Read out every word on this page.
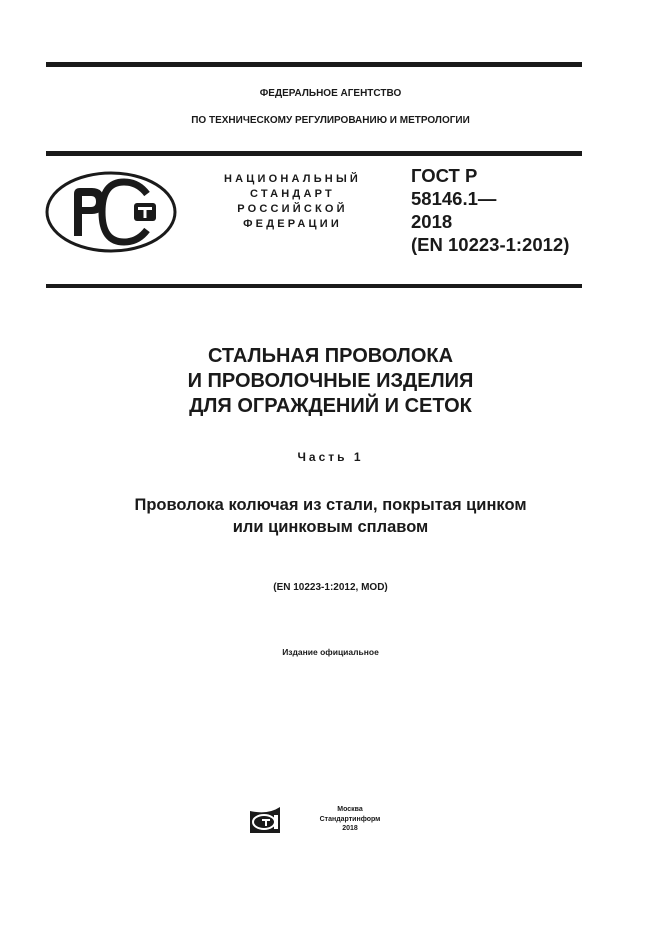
ФЕДЕРАЛЬНОЕ АГЕНТСТВО
ПО ТЕХНИЧЕСКОМУ РЕГУЛИРОВАНИЮ И МЕТРОЛОГИИ
НАЦИОНАЛЬНЫЙ
СТАНДАРТ
РОССИЙСКОЙ
ФЕДЕРАЦИИ
ГОСТ Р
58146.1—
2018
(EN 10223-1:2012)
СТАЛЬНАЯ ПРОВОЛОКА
И ПРОВОЛОЧНЫЕ ИЗДЕЛИЯ
ДЛЯ ОГРАЖДЕНИЙ И СЕТОК
Часть 1
Проволока колючая из стали, покрытая цинком
или цинковым сплавом
(EN 10223-1:2012, MOD)
Издание официальное
Москва
Стандартинформ
2018
